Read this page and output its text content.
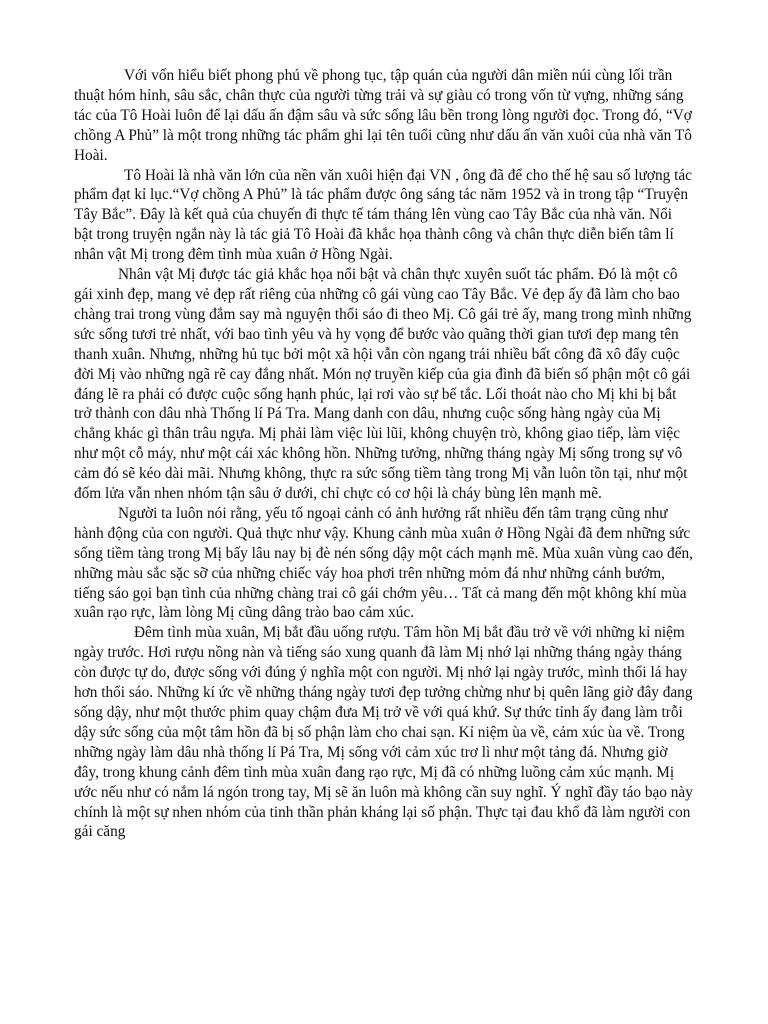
Với vốn hiểu biết phong phú về phong tục, tập quán của người dân miền núi cùng lối trần thuật hóm hỉnh, sâu sắc, chân thực của người từng trải và sự giàu có trong vốn từ vựng, những sáng tác của Tô Hoài luôn để lại dấu ấn đậm sâu và sức sống lâu bền trong lòng người đọc. Trong đó, “Vợ chồng A Phủ” là một trong những tác phẩm ghi lại tên tuổi cũng như dấu ấn văn xuôi của nhà văn Tô Hoài.

Tô Hoài là nhà văn lớn của nền văn xuôi hiện đại VN , ông đã để cho thế hệ sau số lượng tác phẩm đạt kỉ lục.“Vợ chồng A Phủ” là tác phẩm được ông sáng tác năm 1952 và in trong tập “Truyện Tây Bắc”. Đây là kết quả của chuyến đi thực tế tám tháng lên vùng cao Tây Bắc của nhà văn. Nổi bật trong truyện ngắn này là tác giả Tô Hoài đã khắc họa thành công và chân thực diễn biến tâm lí nhân vật Mị trong đêm tình mùa xuân ở Hồng Ngài.

Nhân vật Mị được tác giả khắc họa nổi bật và chân thực xuyên suốt tác phẩm. Đó là một cô gái xinh đẹp, mang vẻ đẹp rất riêng của những cô gái vùng cao Tây Bắc. Vẻ đẹp ấy đã làm cho bao chàng trai trong vùng đắm say mà nguyện thổi sáo đi theo Mị. Cô gái trẻ ấy, mang trong mình những sức sống tươi trẻ nhất, với bao tình yêu và hy vọng để bước vào quãng thời gian tươi đẹp mang tên thanh xuân. Nhưng, những hủ tục bởi một xã hội vẫn còn ngang trái nhiều bất công đã xô đẩy cuộc đời Mị vào những ngã rẽ cay đắng nhất. Món nợ truyền kiếp của gia đình đã biến số phận một cô gái đáng lẽ ra phải có được cuộc sống hạnh phúc, lại rơi vào sự bế tắc. Lối thoát nào cho Mị khi bị bắt trở thành con dâu nhà Thống lí Pá Tra. Mang danh con dâu, nhưng cuộc sống hàng ngày của Mị chẳng khác gì thân trâu ngựa. Mị phải làm việc lùi lũi, không chuyện trò, không giao tiếp, làm việc như một cỗ máy, như một cái xác không hồn. Những tưởng, những tháng ngày Mị sống trong sự vô cảm đó sẽ kéo dài mãi. Nhưng không, thực ra sức sống tiềm tàng trong Mị vẫn luôn tồn tại, như một đốm lửa vẫn nhen nhóm tận sâu ở dưới, chỉ chực có cơ hội là cháy bùng lên mạnh mẽ.

Người ta luôn nói rằng, yếu tố ngoại cảnh có ảnh hưởng rất nhiều đến tâm trạng cũng như hành động của con người. Quả thực như vậy. Khung cảnh mùa xuân ở Hồng Ngài đã đem những sức sống tiềm tàng trong Mị bấy lâu nay bị đè nén sống dậy một cách mạnh mẽ. Mùa xuân vùng cao đến, những màu sắc sặc sỡ của những chiếc váy hoa phơi trên những mỏm đá như những cánh bướm, tiếng sáo gọi bạn tình của những chàng trai cô gái chớm yêu… Tất cả mang đến một không khí mùa xuân rạo rực, làm lòng Mị cũng dâng trào bao cảm xúc.

Đêm tình mùa xuân, Mị bắt đầu uống rượu. Tâm hồn Mị bắt đầu trở về với những kỉ niệm ngày trước. Hơi rượu nồng nàn và tiếng sáo xung quanh đã làm Mị nhớ lại những tháng ngày tháng còn được tự do, được sống với đúng ý nghĩa một con người. Mị nhớ lại ngày trước, mình thổi lá hay hơn thổi sáo. Những kí ức về những tháng ngày tươi đẹp tưởng chừng như bị quên lãng giờ đây đang sống dậy, như một thước phim quay chậm đưa Mị trở về với quá khứ. Sự thức tỉnh ấy đang làm trỗi dậy sức sống của một tâm hồn đã bị số phận làm cho chai sạn. Kỉ niệm ùa về, cảm xúc ùa về. Trong những ngày làm dâu nhà thống lí Pá Tra, Mị sống với cảm xúc trơ lì như một tảng đá. Nhưng giờ đây, trong khung cảnh đêm tình mùa xuân đang rạo rực, Mị đã có những luồng cảm xúc mạnh. Mị ước nếu như có nắm lá ngón trong tay, Mị sẽ ăn luôn mà không cần suy nghĩ. Ý nghĩ đầy táo bạo này chính là một sự nhen nhóm của tinh thần phản kháng lại số phận. Thực tại đau khổ đã làm người con gái căng
